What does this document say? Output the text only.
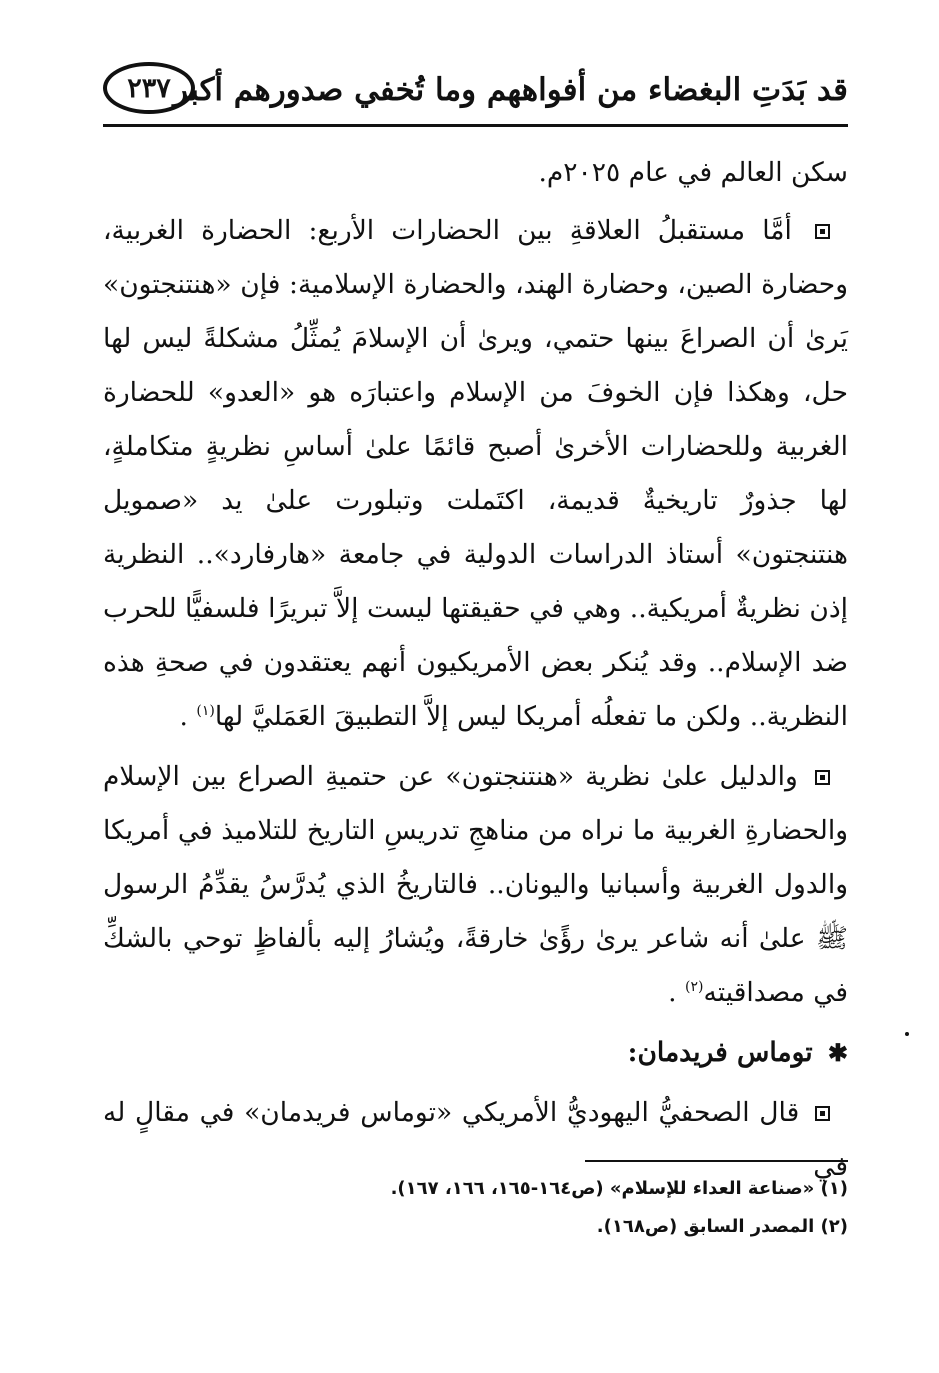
٢٣٧ قد بَدَتِ البغضاء من أفواههم وما تُخفي صدورهم أكبر

سكن العالم في عام ٢٠٢٥م.

أمَّا مستقبلُ العلاقةِ بين الحضارات الأربع: الحضارة الغربية، وحضارة الصين، وحضارة الهند، والحضارة الإسلامية: فإن «هنتنجتون» يَرىٰ أن الصراعَ بينها حتمي، ويرىٰ أن الإسلامَ يُمثِّلُ مشكلةً ليس لها حل، وهكذا فإن الخوفَ من الإسلام واعتبارَه هو «العدو» للحضارة الغربية وللحضارات الأخرىٰ أصبح قائمًا علىٰ أساسِ نظريةٍ متكاملةٍ، لها جذورٌ تاريخيةٌ قديمة، اكتَملت وتبلورت علىٰ يد «صمويل هنتنجتون» أستاذ الدراسات الدولية في جامعة «هارفارد».. النظرية إذن نظريةٌ أمريكية.. وهي في حقيقتها ليست إلاَّ تبريرًا فلسفيًّا للحرب ضد الإسلام.. وقد يُنكر بعض الأمريكيون أنهم يعتقدون في صحةِ هذه النظرية.. ولكن ما تفعلُه أمريكا ليس إلاَّ التطبيقَ العَمَليَّ لها$^{(١)}$ .

والدليل علىٰ نظرية «هنتنجتون» عن حتميةِ الصراع بين الإسلام والحضارةِ الغربية ما نراه من مناهجِ تدريسِ التاريخ للتلاميذ في أمريكا والدول الغربية وأسبانيا واليونان.. فالتاريخُ الذي يُدرَّسُ يقدِّمُ الرسول ﷺ علىٰ أنه شاعر يرىٰ رؤًىٰ خارقةً، ويُشارُ إليه بألفاظٍ توحي بالشكِّ في مصداقيته$^{(٢)}$ .

✱ توماس فريدمان:

قال الصحفيُّ اليهوديُّ الأمريكي «توماس فريدمان» في مقالٍ له في

(١) «صناعة العداء للإسلام» (ص١٦٤-١٦٥، ١٦٦، ١٦٧).
(٢) المصدر السابق (ص١٦٨).
